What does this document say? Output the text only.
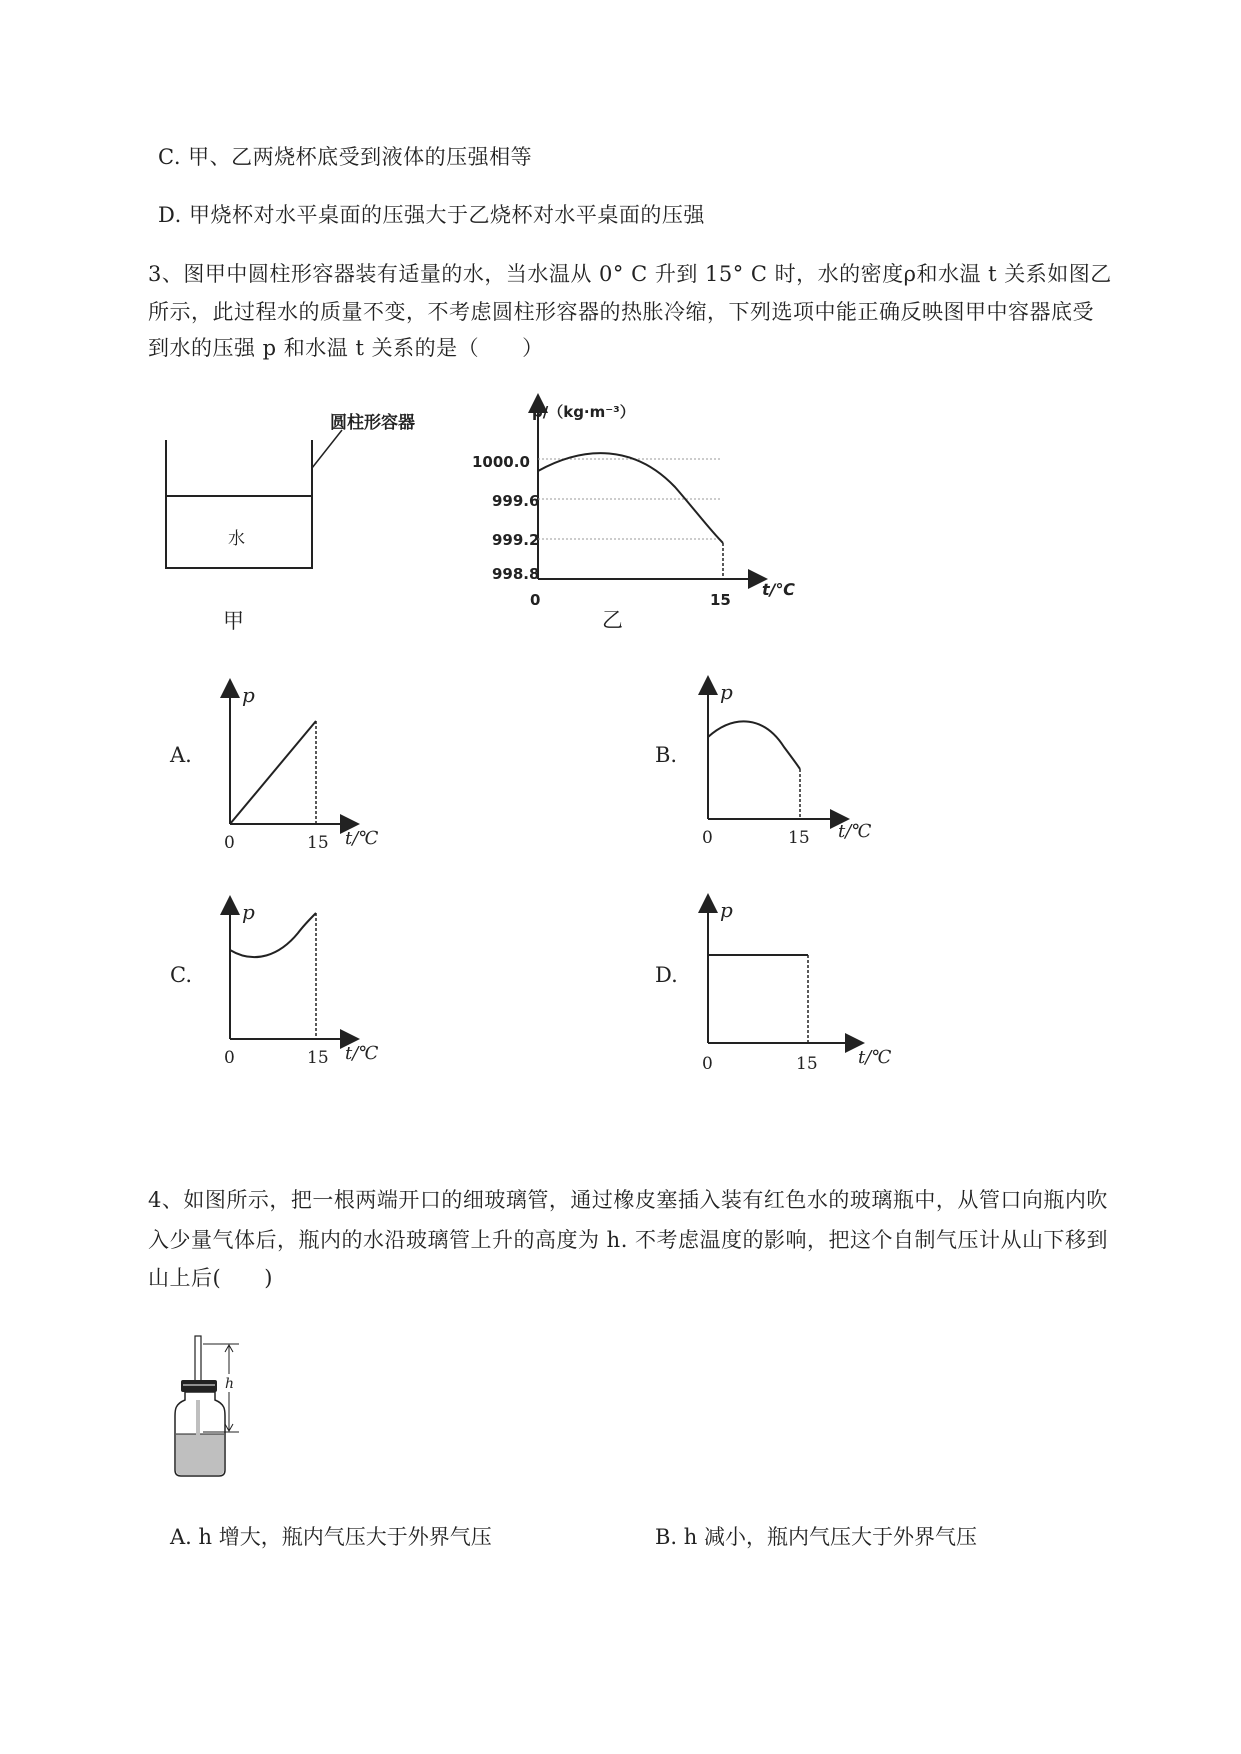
C. 甲、乙两烧杯底受到液体的压强相等
D. 甲烧杯对水平桌面的压强大于乙烧杯对水平桌面的压强
3、图甲中圆柱形容器装有适量的水，当水温从 0° C 升到 15° C 时，水的密度ρ和水温 t 关系如图乙
所示，此过程水的质量不变，不考虑圆柱形容器的热胀冷缩，下列选项中能正确反映图甲中容器底受
到水的压强 p 和水温 t 关系的是（　　）
圆柱形容器
水
甲
ρ/（kg·m⁻³）
1000.0
999.6
999.2
998.8
0	15
t/℃
乙
A.
p
0	15 t/℃
B.
p
0	15 t/℃
C.
p
0	15 t/℃
D.
p
0	15 t/℃
4、如图所示，把一根两端开口的细玻璃管，通过橡皮塞插入装有红色水的玻璃瓶中，从管口向瓶内吹
入少量气体后，瓶内的水沿玻璃管上升的高度为 h. 不考虑温度的影响，把这个自制气压计从山下移到
山上后(　　)
h
A. h 增大，瓶内气压大于外界气压	B. h 减小，瓶内气压大于外界气压
